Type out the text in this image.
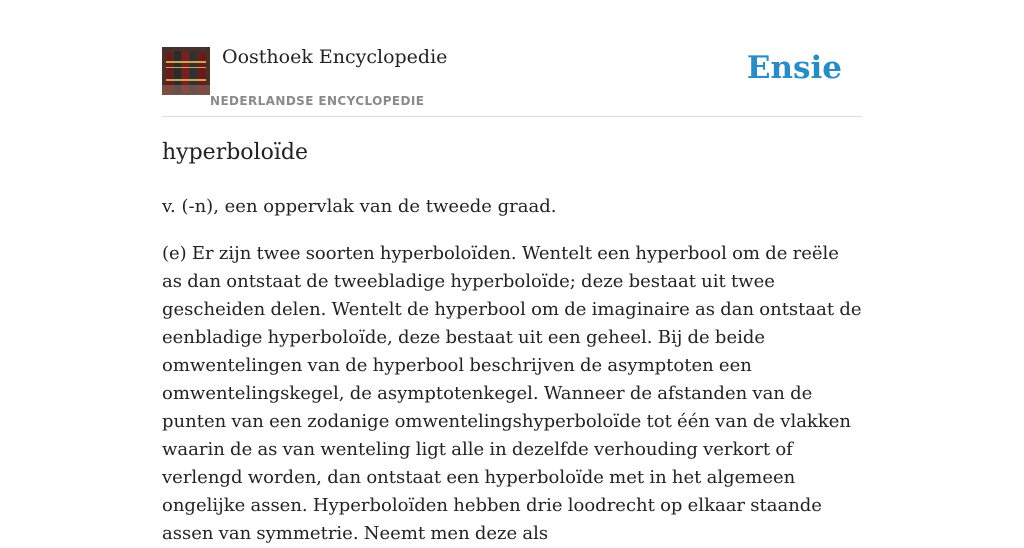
Oosthoek Encyclopedie
NEDERLANDSE ENCYCLOPEDIE
Ensie
hyperboloïde

v. (-n), een oppervlak van de tweede graad.

(e) Er zijn twee soorten hyperboloïden. Wentelt een hyperbool om de reële as dan ontstaat de tweebladige hyperboloïde; deze bestaat uit twee gescheiden delen. Wentelt de hyperbool om de imaginaire as dan ontstaat de eenbladige hyperboloïde, deze bestaat uit een geheel. Bij de beide omwentelingen van de hyperbool beschrijven de asymptoten een omwentelingskegel, de asymptotenkegel. Wanneer de afstanden van de punten van een zodanige omwentelingshyperboloïde tot één van de vlakken waarin de as van wenteling ligt alle in dezelfde verhouding verkort of verlengd worden, dan ontstaat een hyperboloïde met in het algemeen ongelijke assen. Hyperboloïden hebben drie loodrecht op elkaar staande assen van symmetrie. Neemt men deze als
